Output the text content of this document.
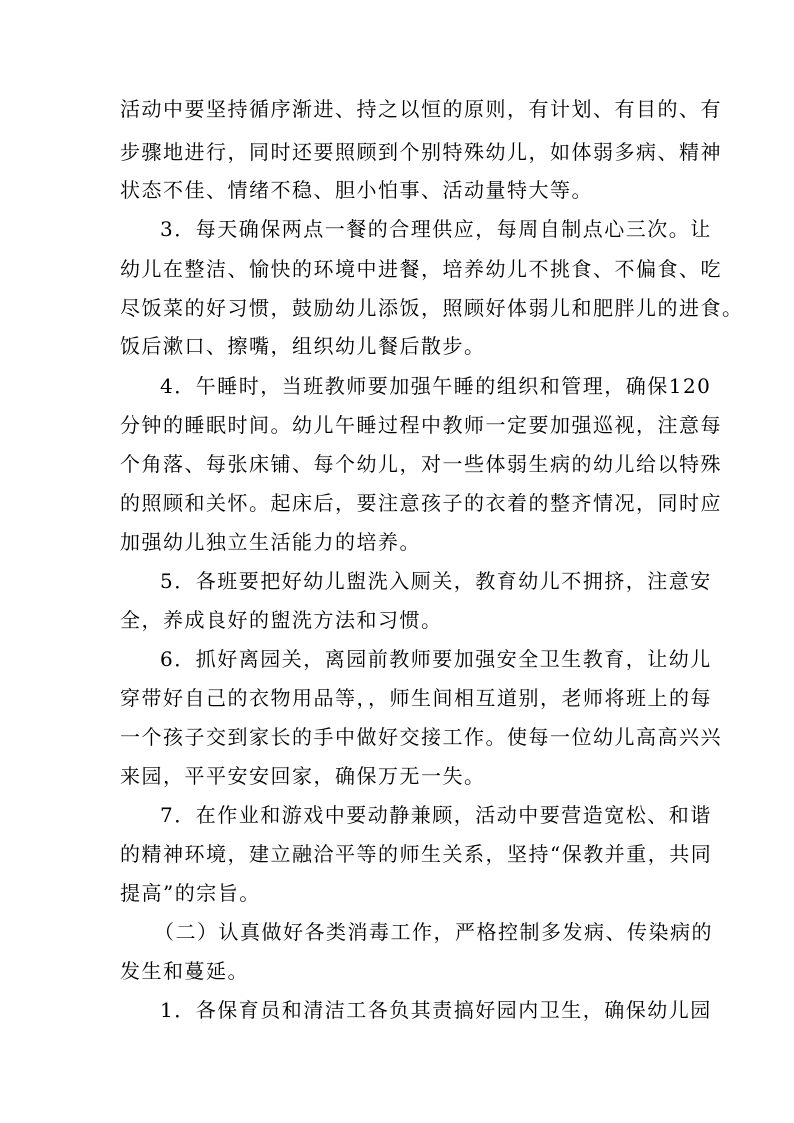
活动中要坚持循序渐进、持之以恒的原则，有计划、有目的、有
步骤地进行，同时还要照顾到个别特殊幼儿，如体弱多病、精神
状态不佳、情绪不稳、胆小怕事、活动量特大等。
3．每天确保两点一餐的合理供应，每周自制点心三次。让
幼儿在整洁、愉快的环境中进餐，培养幼儿不挑食、不偏食、吃
尽饭菜的好习惯，鼓励幼儿添饭，照顾好体弱儿和肥胖儿的进食。
饭后漱口、擦嘴，组织幼儿餐后散步。
4．午睡时，当班教师要加强午睡的组织和管理，确保120
分钟的睡眠时间。幼儿午睡过程中教师一定要加强巡视，注意每
个角落、每张床铺、每个幼儿，对一些体弱生病的幼儿给以特殊
的照顾和关怀。起床后，要注意孩子的衣着的整齐情况，同时应
加强幼儿独立生活能力的培养。
5．各班要把好幼儿盥洗入厕关，教育幼儿不拥挤，注意安
全，养成良好的盥洗方法和习惯。
6．抓好离园关，离园前教师要加强安全卫生教育，让幼儿
穿带好自己的衣物用品等，，师生间相互道别，老师将班上的每
一个孩子交到家长的手中做好交接工作。使每一位幼儿高高兴兴
来园，平平安安回家，确保万无一失。
7．在作业和游戏中要动静兼顾，活动中要营造宽松、和谐
的精神环境，建立融洽平等的师生关系，坚持“保教并重，共同
提高”的宗旨。
（二）认真做好各类消毒工作，严格控制多发病、传染病的
发生和蔓延。
1．各保育员和清洁工各负其责搞好园内卫生，确保幼儿园
